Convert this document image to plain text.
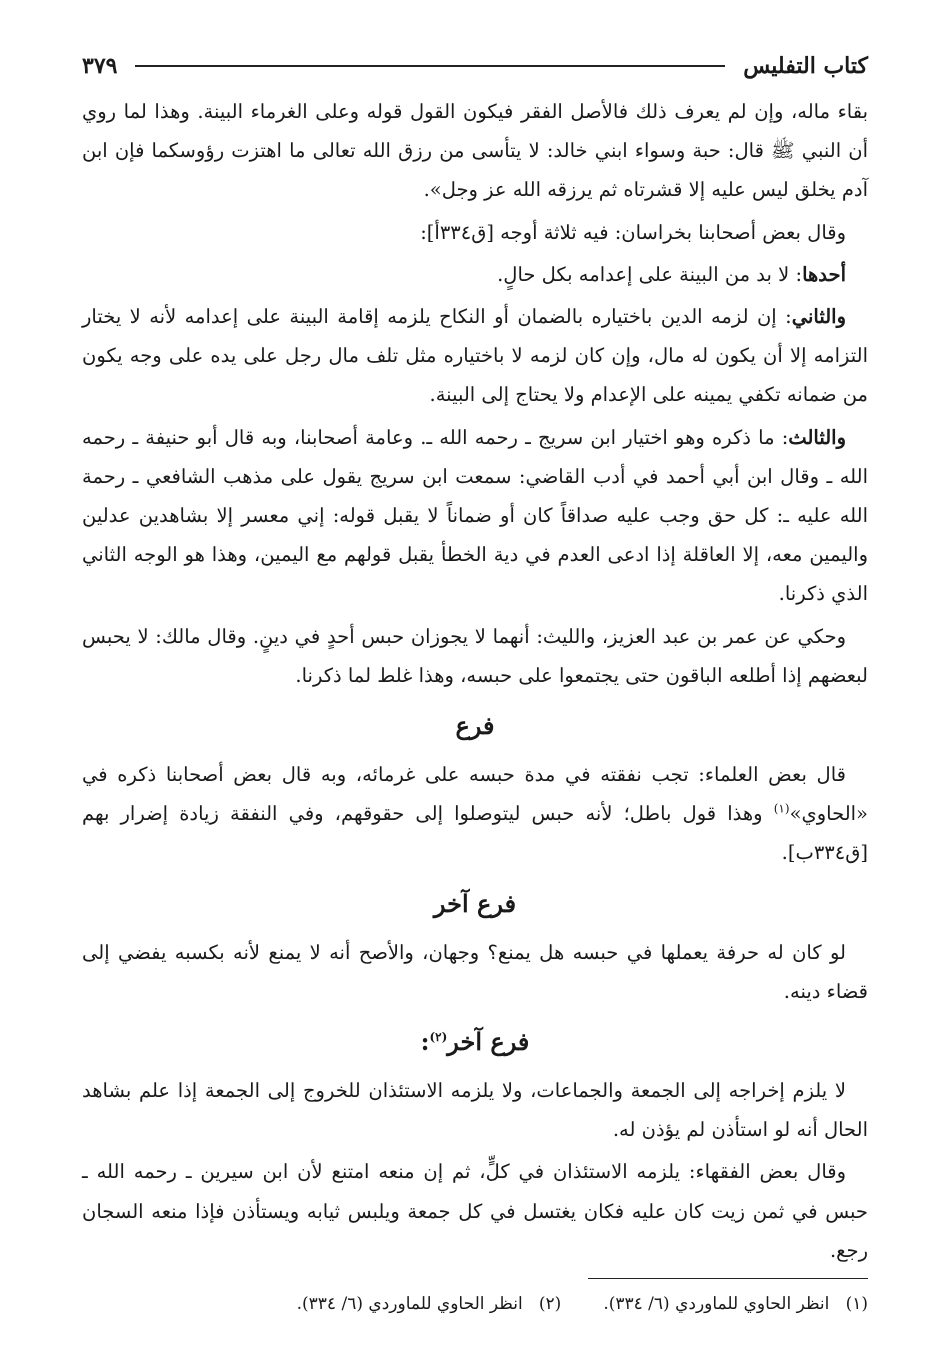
كتاب التفليس
٣٧٩

بقاء ماله، وإن لم يعرف ذلك فالأصل الفقر فيكون القول قوله وعلى الغرماء البينة. وهذا لما روي أن النبي ﷺ قال: حبة وسواء ابني خالد: لا يتأسى من رزق الله تعالى ما اهتزت رؤوسكما فإن ابن آدم يخلق ليس عليه إلا قشرتاه ثم يرزقه الله عز وجل».

وقال بعض أصحابنا بخراسان: فيه ثلاثة أوجه [ق٣٣٤أ]:

أحدها: لا بد من البينة على إعدامه بكل حالٍ.

والثاني: إن لزمه الدين باختياره بالضمان أو النكاح يلزمه إقامة البينة على إعدامه لأنه لا يختار التزامه إلا أن يكون له مال، وإن كان لزمه لا باختياره مثل تلف مال رجل على يده على وجه يكون من ضمانه تكفي يمينه على الإعدام ولا يحتاج إلى البينة.

والثالث: ما ذكره وهو اختيار ابن سريج ـ رحمه الله ـ. وعامة أصحابنا، وبه قال أبو حنيفة ـ رحمه الله ـ وقال ابن أبي أحمد في أدب القاضي: سمعت ابن سريج يقول على مذهب الشافعي ـ رحمة الله عليه ـ: كل حق وجب عليه صداقاً كان أو ضماناً لا يقبل قوله: إني معسر إلا بشاهدين عدلين واليمين معه، إلا العاقلة إذا ادعى العدم في دية الخطأ يقبل قولهم مع اليمين، وهذا هو الوجه الثاني الذي ذكرنا.

وحكي عن عمر بن عبد العزيز، والليث: أنهما لا يجوزان حبس أحدٍ في دينٍ. وقال مالك: لا يحبس لبعضهم إذا أطلعه الباقون حتى يجتمعوا على حبسه، وهذا غلط لما ذكرنا.

فرع

قال بعض العلماء: تجب نفقته في مدة حبسه على غرمائه، وبه قال بعض أصحابنا ذكره في «الحاوي»$^{(١)}$ وهذا قول باطل؛ لأنه حبس ليتوصلوا إلى حقوقهم، وفي النفقة زيادة إضرار بهم [ق٣٣٤ب].

فرع آخر

لو كان له حرفة يعملها في حبسه هل يمنع؟ وجهان، والأصح أنه لا يمنع لأنه بكسبه يفضي إلى قضاء دينه.

فرع آخر$^{(٢)}$:

لا يلزم إخراجه إلى الجمعة والجماعات، ولا يلزمه الاستئذان للخروج إلى الجمعة إذا علم بشاهد الحال أنه لو استأذن لم يؤذن له.

وقال بعض الفقهاء: يلزمه الاستئذان في كلٍّ، ثم إن منعه امتنع لأن ابن سيرين ـ رحمه الله ـ حبس في ثمن زيت كان عليه فكان يغتسل في كل جمعة ويلبس ثيابه ويستأذن فإذا منعه السجان رجع.

(١)   انظر الحاوي للماوردي (٦/ ٣٣٤).
(٢)   انظر الحاوي للماوردي (٦/ ٣٣٤).
